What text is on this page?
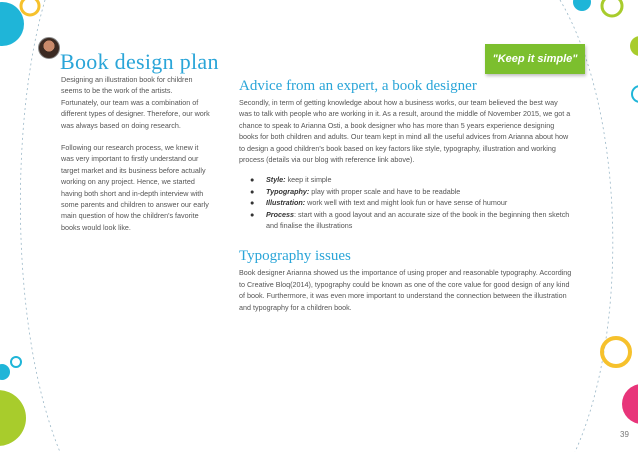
Book design plan	"Keep it simple"

Designing an illustration book for children seems to be the work of the artists. Fortunately, our team was a combination of different types of designer. Therefore, our work was always based on doing research.

Following our research process, we knew it was very important to firstly understand our target market and its business before actually working on any project. Hence, we started having both short and in-depth interview with some parents and children to answer our early main question of how the children's favorite books would look like.

Advice from an expert, a book designer

Secondly, in term of getting knowledge about how a business works, our team believed the best way was to talk with people who are working in it. As a result, around the middle of November 2015, we got a chance to speak to Arianna Osti, a book designer who has more than 5 years experience designing books for both children and adults. Our team kept in mind all the useful advices from Arianna about how to design a good children's book based on key factors like style, typography, illustration and working process (details via our blog with reference link above).

● Style: keep it simple
● Typography: play with proper scale and have to be readable
● Illustration: work well with text and might look fun or have sense of humour
● Process: start with a good layout and an accurate size of the book in the beginning then sketch and finalise the illustrations
Typography issues

Book designer Arianna showed us the importance of using proper and reasonable typography. According to Creative Bloq(2014), typography could be known as one of the core value for good design of any kind of book. Furthermore, it was even more important to understand the connection between the illustration and typography for a children book.

39
